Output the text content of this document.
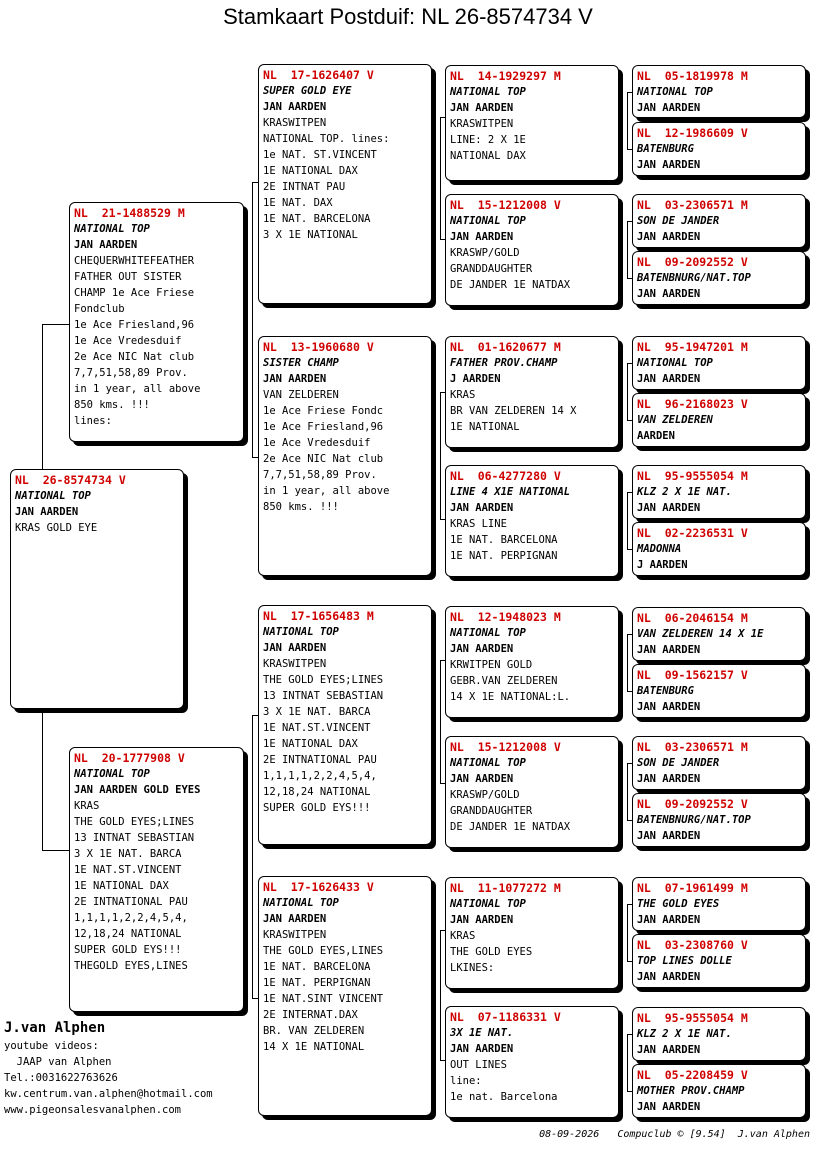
Stamkaart Postduif: NL 26-8574734 V
NL  26-8574734 V
NATIONAL TOP
JAN AARDEN
KRAS GOLD EYE
NL  21-1488529 M
NATIONAL TOP
JAN AARDEN
CHEQUERWHITEFEATHER
FATHER OUT SISTER
CHAMP 1e Ace Friese
Fondclub
1e Ace Friesland,96
1e Ace Vredesduif
2e Ace NIC Nat club
7,7,51,58,89 Prov.
in 1 year, all above
850 kms. !!!
lines:
NL  20-1777908 V
NATIONAL TOP
JAN AARDEN GOLD EYES
KRAS
THE GOLD EYES;LINES
13 INTNAT SEBASTIAN
3 X 1E NAT. BARCA
1E NAT.ST.VINCENT
1E NATIONAL DAX
2E INTNATIONAL PAU
1,1,1,1,2,2,4,5,4,
12,18,24 NATIONAL
SUPER GOLD EYS!!!
THEGOLD EYES,LINES
NL  17-1626407 V
SUPER GOLD EYE
JAN AARDEN
KRASWITPEN
NATIONAL TOP. lines:
1e NAT. ST.VINCENT
1E NATIONAL DAX
2E INTNAT PAU
1E NAT. DAX
1E NAT. BARCELONA
3 X 1E NATIONAL
NL  13-1960680 V
SISTER CHAMP
JAN AARDEN
VAN ZELDEREN
1e Ace Friese Fondc
1e Ace Friesland,96
1e Ace Vredesduif
2e Ace NIC Nat club
7,7,51,58,89 Prov.
in 1 year, all above
850 kms. !!!
NL  17-1656483 M
NATIONAL TOP
JAN AARDEN
KRASWITPEN
THE GOLD EYES;LINES
13 INTNAT SEBASTIAN
3 X 1E NAT. BARCA
1E NAT.ST.VINCENT
1E NATIONAL DAX
2E INTNATIONAL PAU
1,1,1,1,2,2,4,5,4,
12,18,24 NATIONAL
SUPER GOLD EYS!!!
NL  17-1626433 V
NATIONAL TOP
JAN AARDEN
KRASWITPEN
THE GOLD EYES,LINES
1E NAT. BARCELONA
1E NAT. PERPIGNAN
1E NAT.SINT VINCENT
2E INTERNAT.DAX
BR. VAN ZELDEREN
14 X 1E NATIONAL
NL  14-1929297 M
NATIONAL TOP
JAN AARDEN
KRASWITPEN
LINE: 2 X 1E
NATIONAL DAX
NL  15-1212008 V
NATIONAL TOP
JAN AARDEN
KRASWP/GOLD
GRANDDAUGHTER
DE JANDER 1E NATDAX
NL  01-1620677 M
FATHER PROV.CHAMP
J AARDEN
KRAS
BR VAN ZELDEREN 14 X
1E NATIONAL
NL  06-4277280 V
LINE 4 X1E NATIONAL
JAN AARDEN
KRAS LINE
1E NAT. BARCELONA
1E NAT. PERPIGNAN
NL  12-1948023 M
NATIONAL TOP
JAN AARDEN
KRWITPEN GOLD
GEBR.VAN ZELDEREN
14 X 1E NATIONAL:L.
NL  15-1212008 V
NATIONAL TOP
JAN AARDEN
KRASWP/GOLD
GRANDDAUGHTER
DE JANDER 1E NATDAX
NL  11-1077272 M
NATIONAL TOP
JAN AARDEN
KRAS
THE GOLD EYES
LKINES:
NL  07-1186331 V
3X 1E NAT.
JAN AARDEN
OUT LINES
line:
1e nat. Barcelona
NL  05-1819978 M
NATIONAL TOP
JAN AARDEN
NL  12-1986609 V
BATENBURG
JAN AARDEN
NL  03-2306571 M
SON DE JANDER
JAN AARDEN
NL  09-2092552 V
BATENBNURG/NAT.TOP
JAN AARDEN
NL  95-1947201 M
NATIONAL TOP
JAN AARDEN
NL  96-2168023 V
VAN ZELDEREN
AARDEN
NL  95-9555054 M
KLZ 2 X 1E NAT.
JAN AARDEN
NL  02-2236531 V
MADONNA
J AARDEN
NL  06-2046154 M
VAN ZELDEREN 14 X 1E
JAN AARDEN
NL  09-1562157 V
BATENBURG
JAN AARDEN
NL  03-2306571 M
SON DE JANDER
JAN AARDEN
NL  09-2092552 V
BATENBNURG/NAT.TOP
JAN AARDEN
NL  07-1961499 M
THE GOLD EYES
JAN AARDEN
NL  03-2308760 V
TOP LINES DOLLE
JAN AARDEN
NL  95-9555054 M
KLZ 2 X 1E NAT.
JAN AARDEN
NL  05-2208459 V
MOTHER PROV.CHAMP
JAN AARDEN
J.van Alphen
youtube videos:
JAAP van Alphen
Tel.:0031622763626
kw.centrum.van.alphen@hotmail.com
www.pigeonsalesvanalphen.com
08-09-2026   Compuclub © [9.54]  J.van Alphen
